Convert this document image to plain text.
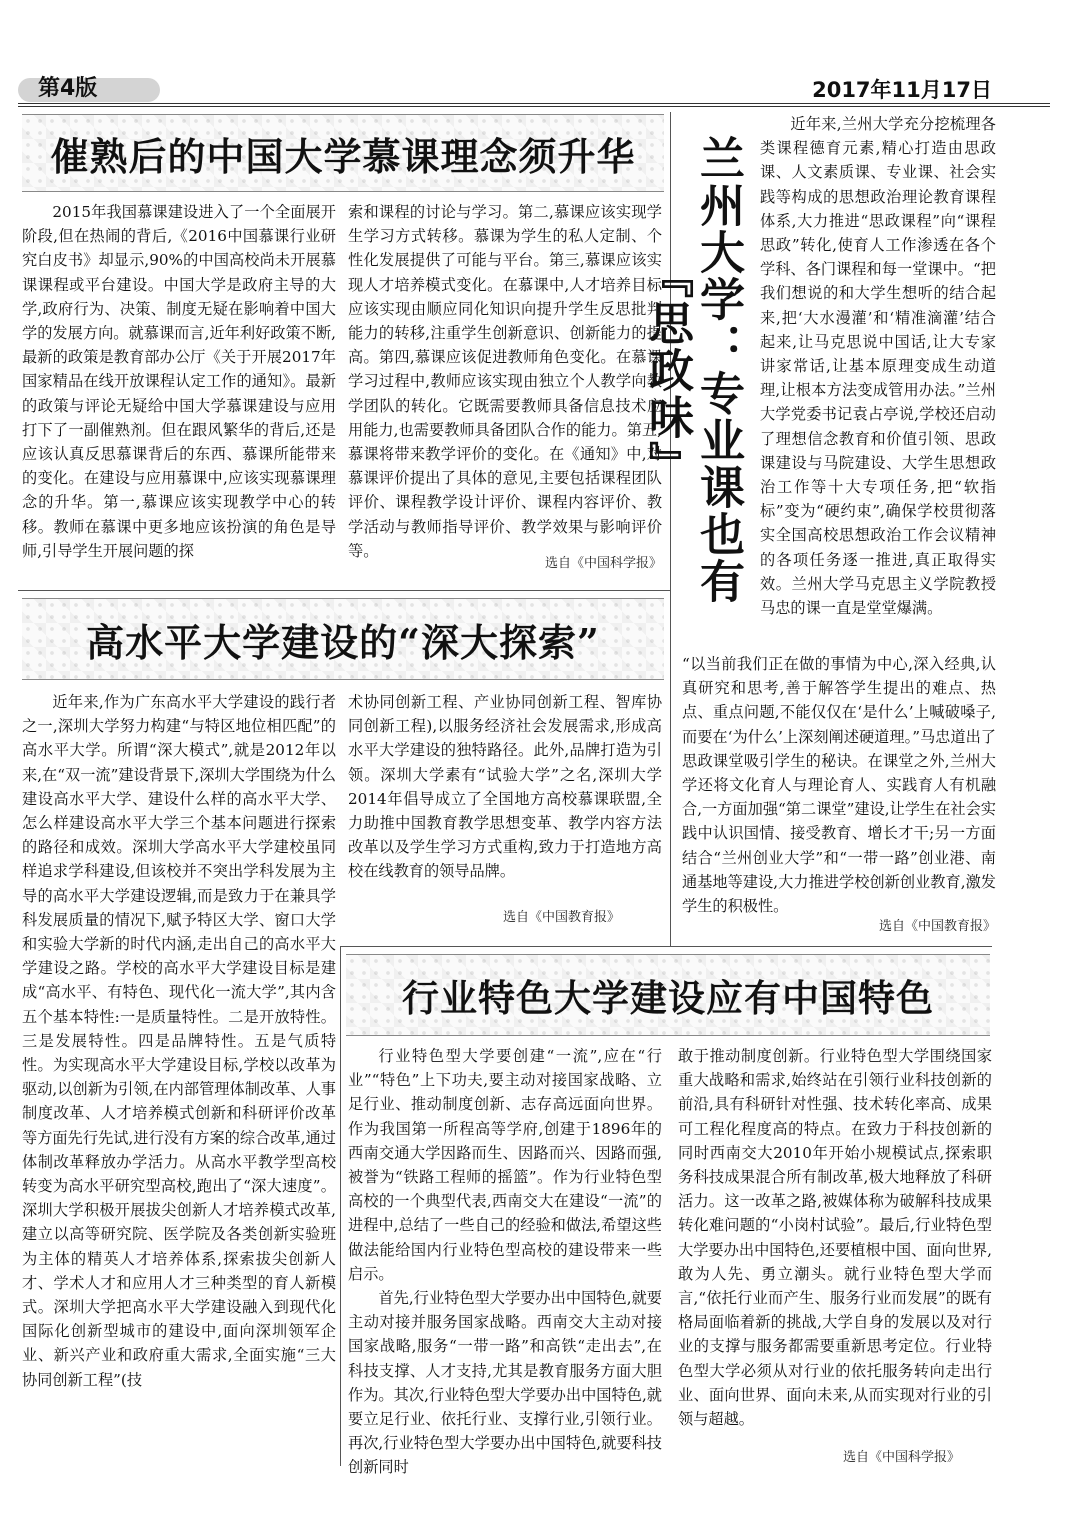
第4版	2017年11月17日
催熟后的中国大学慕课理念须升华

2015年我国慕课建设进入了一个全面展开阶段,但在热闹的背后,《2016中国慕课行业研究白皮书》却显示,90%的中国高校尚未开展慕课课程或平台建设。中国大学是政府主导的大学,政府行为、决策、制度无疑在影响着中国大学的发展方向。就慕课而言,近年利好政策不断,最新的政策是教育部办公厅《关于开展2017年国家精品在线开放课程认定工作的通知》。最新的政策与评论无疑给中国大学慕课建设与应用打下了一副催熟剂。但在跟风繁华的背后,还是应该认真反思慕课背后的东西、慕课所能带来的变化。在建设与应用慕课中,应该实现慕课理念的升华。第一,慕课应该实现教学中心的转移。教师在慕课中更多地应该扮演的角色是导师,引导学生开展问题的探

索和课程的讨论与学习。第二,慕课应该实现学生学习方式转移。慕课为学生的私人定制、个性化发展提供了可能与平台。第三,慕课应该实现人才培养模式变化。在慕课中,人才培养目标应该实现由顺应同化知识向提升学生反思批判能力的转移,注重学生创新意识、创新能力的提高。第四,慕课应该促进教师角色变化。在慕课学习过程中,教师应该实现由独立个人教学向教学团队的转化。它既需要教师具备信息技术应用能力,也需要教师具备团队合作的能力。第五,慕课将带来教学评价的变化。在《通知》中,对慕课评价提出了具体的意见,主要包括课程团队评价、课程教学设计评价、课程内容评价、教学活动与教师指导评价、教学效果与影响评价等。

选自《中国科学报》 兰州大学：专业课也有『思政味』

近年来,兰州大学充分挖梳理各类课程德育元素,精心打造由思政课、人文素质课、专业课、社会实践等构成的思想政治理论教育课程体系,大力推进“思政课程”向“课程思政”转化,使育人工作渗透在各个学科、各门课程和每一堂课中。“把我们想说的和大学生想听的结合起来,把‘大水漫灌’和‘精准滴灌’结合起来,让马克思说中国话,让大专家讲家常话,让基本原理变成生动道理,让根本方法变成管用办法。”兰州大学党委书记袁占亭说,学校还启动了理想信念教育和价值引领、思政课建设与马院建设、大学生思想政治工作等十大专项任务,把“软指标”变为“硬约束”,确保学校贯彻落实全国高校思想政治工作会议精神的各项任务逐一推进,真正取得实效。兰州大学马克思主义学院教授马忠的课一直是堂堂爆满。

“以当前我们正在做的事情为中心,深入经典,认真研究和思考,善于解答学生提出的难点、热点、重点问题,不能仅仅在‘是什么’上喊破嗓子,而要在‘为什么’上深刻阐述硬道理。”马忠道出了思政课堂吸引学生的秘诀。在课堂之外,兰州大学还将文化育人与理论育人、实践育人有机融合,一方面加强“第二课堂”建设,让学生在社会实践中认识国情、接受教育、增长才干;另一方面结合“兰州创业大学”和“一带一路”创业港、南通基地等建设,大力推进学校创新创业教育,激发学生的积极性。

选自《中国教育报》
高水平大学建设的“深大探索”

近年来,作为广东高水平大学建设的践行者之一,深圳大学努力构建“与特区地位相匹配”的高水平大学。所谓“深大模式”,就是2012年以来,在“双一流”建设背景下,深圳大学围绕为什么建设高水平大学、建设什么样的高水平大学、怎么样建设高水平大学三个基本问题进行探索的路径和成效。深圳大学高水平大学建校虽同样追求学科建设,但该校并不突出学科发展为主导的高水平大学建设逻辑,而是致力于在兼具学科发展质量的情况下,赋予特区大学、窗口大学和实验大学新的时代内涵,走出自己的高水平大学建设之路。学校的高水平大学建设目标是建成“高水平、有特色、现代化一流大学”,其内含五个基本特性:一是质量特性。二是开放特性。三是发展特性。四是品牌特性。五是气质特性。为实现高水平大学建设目标,学校以改革为驱动,以创新为引领,在内部管理体制改革、人事制度改革、人才培养模式创新和科研评价改革等方面先行先试,进行没有方案的综合改革,通过体制改革释放办学活力。从高水平教学型高校转变为高水平研究型高校,跑出了“深大速度”。深圳大学积极开展拔尖创新人才培养模式改革,建立以高等研究院、医学院及各类创新实验班为主体的精英人才培养体系,探索拔尖创新人才、学术人才和应用人才三种类型的育人新模式。深圳大学把高水平大学建设融入到现代化国际化创新型城市的建设中,面向深圳领军企业、新兴产业和政府重大需求,全面实施“三大协同创新工程”(技

术协同创新工程、产业协同创新工程、智库协同创新工程),以服务经济社会发展需求,形成高水平大学建设的独特路径。此外,品牌打造为引领。深圳大学素有“试验大学”之名,深圳大学2014年倡导成立了全国地方高校慕课联盟,全力助推中国教育教学思想变革、教学内容方法改革以及学生学习方式重构,致力于打造地方高校在线教育的领导品牌。

选自《中国教育报》
行业特色大学建设应有中国特色

行业特色型大学要创建“一流”,应在“行业”“特色”上下功夫,要主动对接国家战略、立足行业、推动制度创新、志存高远面向世界。作为我国第一所程高等学府,创建于1896年的西南交通大学因路而生、因路而兴、因路而强,被誉为“铁路工程师的摇篮”。作为行业特色型高校的一个典型代表,西南交大在建设“一流”的进程中,总结了一些自己的经验和做法,希望这些做法能给国内行业特色型高校的建设带来一些启示。

首先,行业特色型大学要办出中国特色,就要主动对接并服务国家战略。西南交大主动对接国家战略,服务“一带一路”和高铁“走出去”,在科技支撑、人才支持,尤其是教育服务方面大胆作为。其次,行业特色型大学要办出中国特色,就要立足行业、依托行业、支撑行业,引领行业。再次,行业特色型大学要办出中国特色,就要科技创新同时

敢于推动制度创新。行业特色型大学围绕国家重大战略和需求,始终站在引领行业科技创新的前沿,具有科研针对性强、技术转化率高、成果可工程化程度高的特点。在致力于科技创新的同时西南交大2010年开始小规模试点,探索职务科技成果混合所有制改革,极大地释放了科研活力。这一改革之路,被媒体称为破解科技成果转化难问题的“小岗村试验”。最后,行业特色型大学要办出中国特色,还要植根中国、面向世界,敢为人先、勇立潮头。就行业特色型大学而言,“依托行业而产生、服务行业而发展”的既有格局面临着新的挑战,大学自身的发展以及对行业的支撑与服务都需要重新思考定位。行业特色型大学必须从对行业的依托服务转向走出行业、面向世界、面向未来,从而实现对行业的引领与超越。

选自《中国科学报》
